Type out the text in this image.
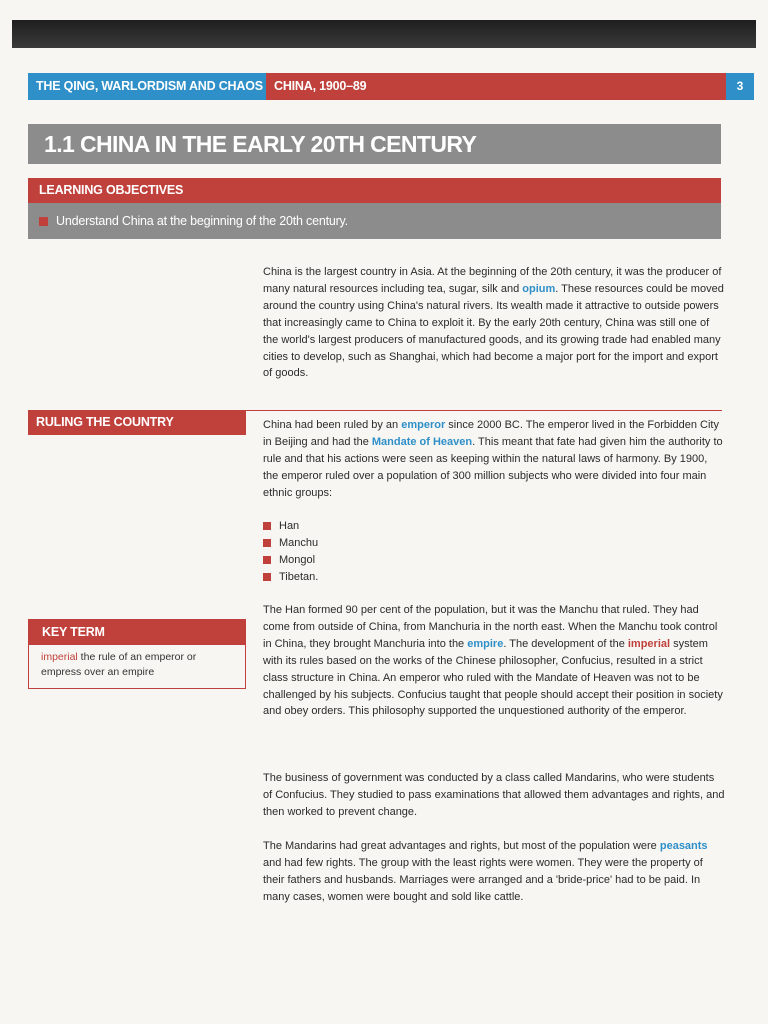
THE QING, WARLORDISM AND CHAOS CHINA, 1900–89	3
1.1 CHINA IN THE EARLY 20TH CENTURY
LEARNING OBJECTIVES
Understand China at the beginning of the 20th century.

China is the largest country in Asia. At the beginning of the 20th century, it was the producer of many natural resources including tea, sugar, silk and opium. These resources could be moved around the country using China's natural rivers. Its wealth made it attractive to outside powers that increasingly came to China to exploit it. By the early 20th century, China was still one of the world's largest producers of manufactured goods, and its growing trade had enabled many cities to develop, such as Shanghai, which had become a major port for the import and export of goods.

RULING THE COUNTRY	China had been ruled by an emperor since 2000 BC. The emperor lived in the Forbidden City in Beijing and had the Mandate of Heaven. This meant that fate had given him the authority to rule and that his actions were seen as keeping within the natural laws of harmony. By 1900, the emperor ruled over a population of 300 million subjects who were divided into four main ethnic groups:

Han
Manchu
Mongol
Tibetan.

The Han formed 90 per cent of the population, but it was the Manchu that ruled. They had come from outside of China, from Manchuria in the north east. When the Manchu took control in China, they brought Manchuria into the empire. The development of the imperial system with its rules based on the works of the Chinese philosopher, Confucius, resulted in a strict class structure in China. An emperor who ruled with the Mandate of Heaven was not to be challenged by his subjects. Confucius taught that people should accept their position in society and obey orders. This philosophy supported the unquestioned authority of the emperor.

KEY TERM
imperial the rule of an emperor or empress over an empire

The business of government was conducted by a class called Mandarins, who were students of Confucius. They studied to pass examinations that allowed them advantages and rights, and then worked to prevent change.

The Mandarins had great advantages and rights, but most of the population were peasants and had few rights. The group with the least rights were women. They were the property of their fathers and husbands. Marriages were arranged and a 'bride-price' had to be paid. In many cases, women were bought and sold like cattle.
